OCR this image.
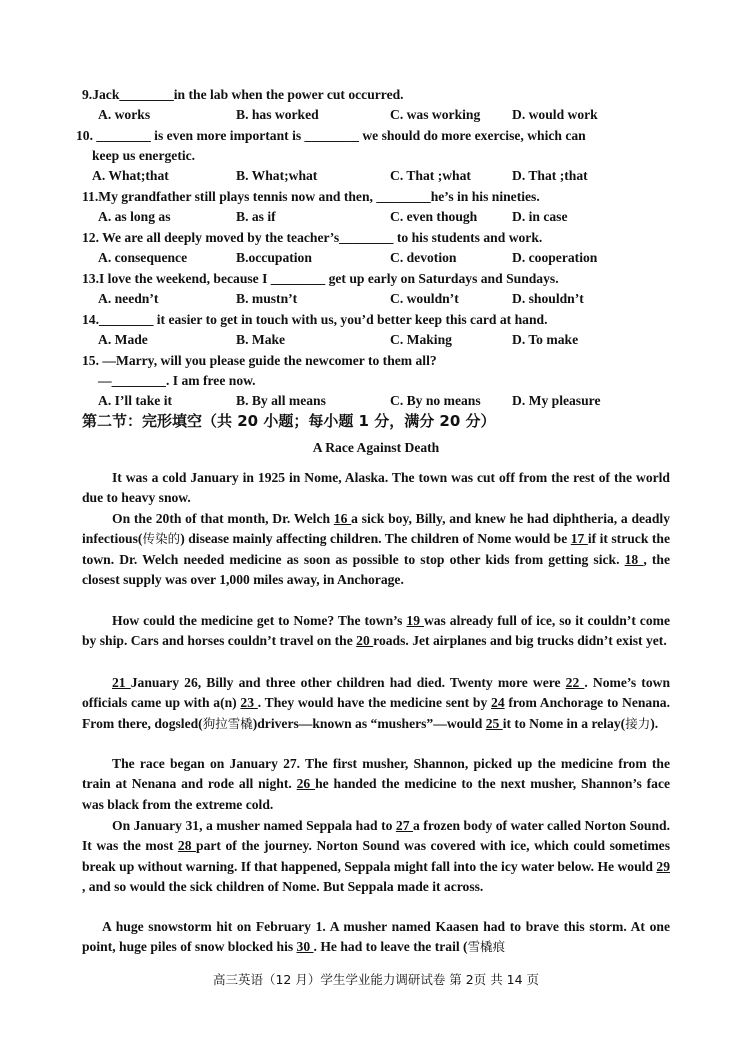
9.Jack________in the lab when the power cut occurred.
A. works	B. has worked	C. was working D. would work
10. ________ is even more important is ________ we should do more exercise, which can
keep us energetic.
A. What;that	B. What;what	C. That ;what	D. That ;that
11.My grandfather still plays tennis now and then, ________he’s in his nineties.
A. as long as	B. as if	C. even though	D. in case
12. We are all deeply moved by the teacher’s________ to his students and work.
A. consequence	B.occupation	C. devotion	D. cooperation
13.I love the weekend, because I ________ get up early on Saturdays and Sundays.
A. needn’t	B. mustn’t	C. wouldn’t	D. shouldn’t
14.________ it easier to get in touch with us, you’d better keep this card at hand.
A. Made	B. Make	C. Making	D. To make
15. —Marry, will you please guide the newcomer to them all?
—________. I am free now.
A. I’ll take it	B. By all means	C. By no means D. My pleasure
第二节：完形填空（共 20 小题；每小题 1 分，满分 20 分）
A Race Against Death
It was a cold January in 1925 in Nome, Alaska. The town was cut off from the rest of the world due to heavy snow.
On the 20th of that month, Dr. Welch 16 a sick boy, Billy, and knew he had diphtheria, a deadly infectious(传染的) disease mainly affecting children. The children of Nome would be 17 if it struck the town. Dr. Welch needed medicine as soon as possible to stop other kids from getting sick. 18 , the closest supply was over 1,000 miles away, in Anchorage.
How could the medicine get to Nome? The town’s 19 was already full of ice, so it couldn’t come by ship. Cars and horses couldn’t travel on the 20 roads. Jet airplanes and big trucks didn’t exist yet.
21 January 26, Billy and three other children had died. Twenty more were 22 . Nome’s town officials came up with a(n) 23 . They would have the medicine sent by 24 from Anchorage to Nenana. From there, dogsled(狗拉雪橇)drivers—known as “mushers”—would 25 it to Nome in a relay(接力).
The race began on January 27. The first musher, Shannon, picked up the medicine from the train at Nenana and rode all night. 26 he handed the medicine to the next musher, Shannon’s face was black from the extreme cold.
On January 31, a musher named Seppala had to 27 a frozen body of water called Norton Sound. It was the most 28 part of the journey. Norton Sound was covered with ice, which could sometimes break up without warning. If that happened, Seppala might fall into the icy water below. He would 29 , and so would the sick children of Nome. But Seppala made it across.
A huge snowstorm hit on February 1. A musher named Kaasen had to brave this storm. At one point, huge piles of snow blocked his 30 . He had to leave the trail (雪橇痕
高三英语（12 月）学生学业能力调研试卷 第 2页 共 14 页
